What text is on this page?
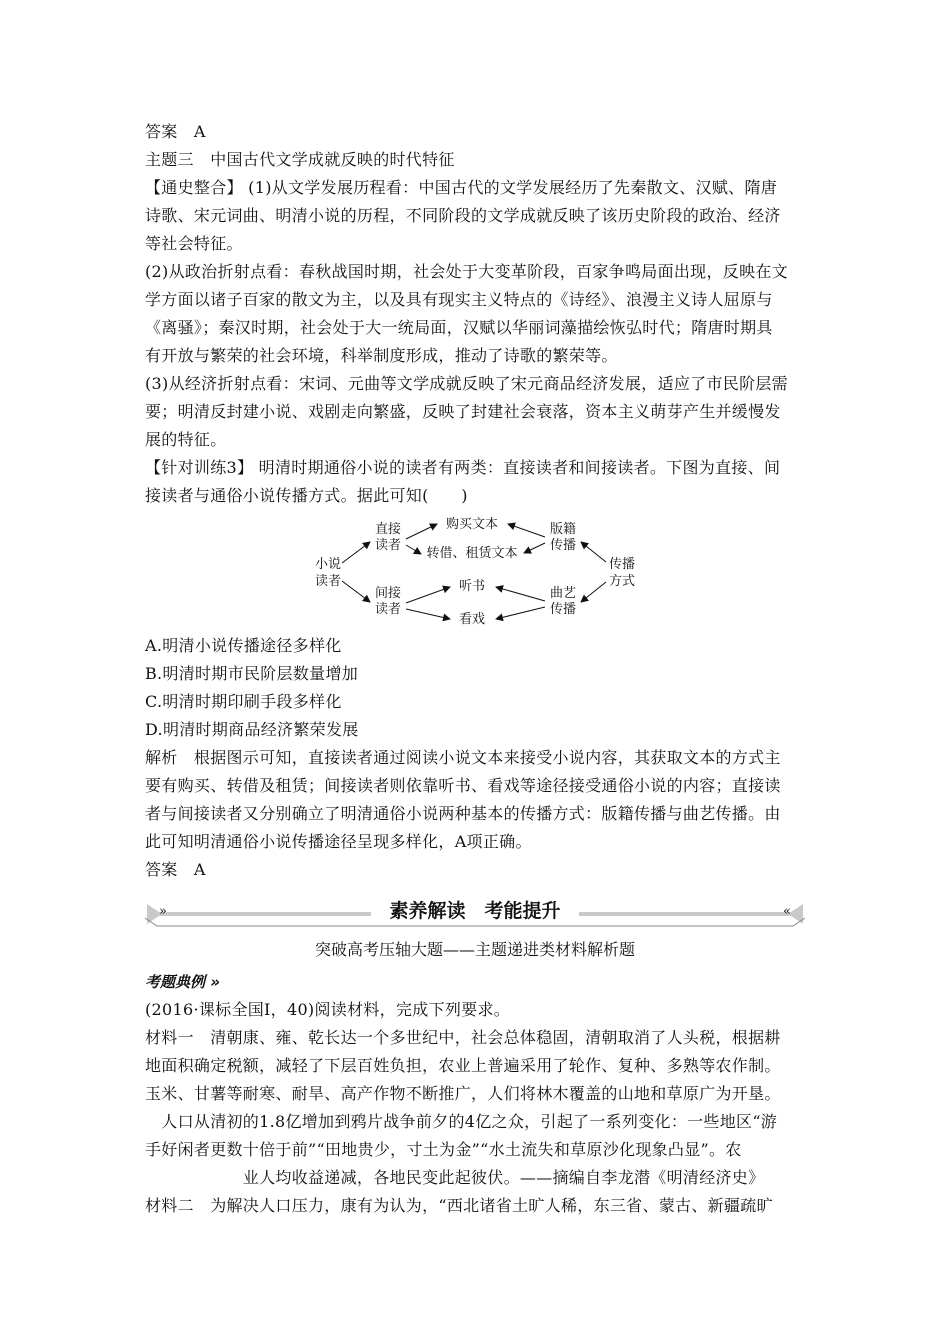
答案　A
主题三　中国古代文学成就反映的时代特征
【通史整合】 (1)从文学发展历程看：中国古代的文学发展经历了先秦散文、汉赋、隋唐
诗歌、宋元词曲、明清小说的历程，不同阶段的文学成就反映了该历史阶段的政治、经济
等社会特征。
(2)从政治折射点看：春秋战国时期，社会处于大变革阶段，百家争鸣局面出现，反映在文
学方面以诸子百家的散文为主，以及具有现实主义特点的《诗经》、浪漫主义诗人屈原与
《离骚》；秦汉时期，社会处于大一统局面，汉赋以华丽词藻描绘恢弘时代；隋唐时期具
有开放与繁荣的社会环境，科举制度形成，推动了诗歌的繁荣等。
(3)从经济折射点看：宋词、元曲等文学成就反映了宋元商品经济发展，适应了市民阶层需
要；明清反封建小说、戏剧走向繁盛，反映了封建社会衰落，资本主义萌芽产生并缓慢发
展的特征。
【针对训练3】 明清时期通俗小说的读者有两类：直接读者和间接读者。下图为直接、间
接读者与通俗小说传播方式。据此可知(　　)
小说
读者
直接
读者
间接
读者
购买文本
转借、租赁文本
听书
看戏
版籍
传播
曲艺
传播
传播
方式
A.明清小说传播途径多样化
B.明清时期市民阶层数量增加
C.明清时期印刷手段多样化
D.明清时期商品经济繁荣发展
解析　根据图示可知，直接读者通过阅读小说文本来接受小说内容，其获取文本的方式主
要有购买、转借及租赁；间接读者则依靠听书、看戏等途径接受通俗小说的内容；直接读
者与间接读者又分别确立了明清通俗小说两种基本的传播方式：版籍传播与曲艺传播。由
此可知明清通俗小说传播途径呈现多样化，A项正确。
答案　A
»	«
素养解读　考能提升
突破高考压轴大题——主题递进类材料解析题
考题典例 »
(2016·课标全国Ⅰ，40)阅读材料，完成下列要求。
材料一　清朝康、雍、乾长达一个多世纪中，社会总体稳固，清朝取消了人头税，根据耕
地面积确定税额，减轻了下层百姓负担，农业上普遍采用了轮作、复种、多熟等农作制。
玉米、甘薯等耐寒、耐旱、高产作物不断推广，人们将林木覆盖的山地和草原广为开垦。
　人口从清初的1.8亿增加到鸦片战争前夕的4亿之众，引起了一系列变化：一些地区“游
手好闲者更数十倍于前”“田地贵少，寸土为金”“水土流失和草原沙化现象凸显”。农
　　　　　　业人均收益递减，各地民变此起彼伏。——摘编自李龙潜《明清经济史》
材料二　为解决人口压力，康有为认为，“西北诸省土旷人稀，东三省、蒙古、新疆疏旷
